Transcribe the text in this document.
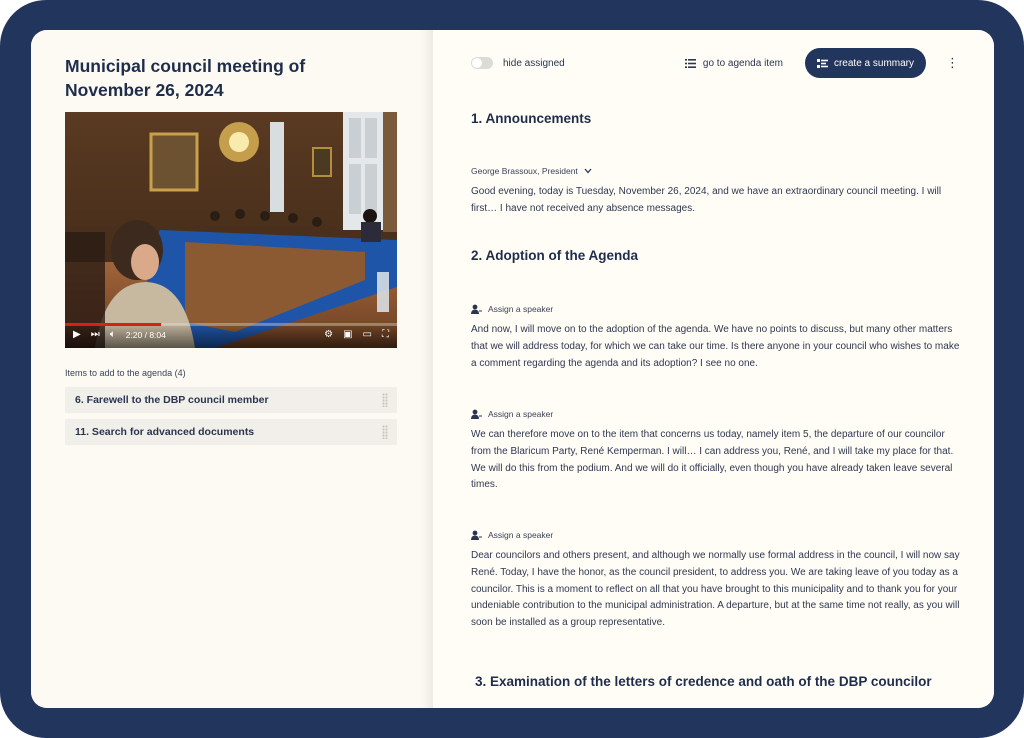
Municipal council meeting of November 26, 2024
▶ ⏭ 🔈︎ 2:20 / 8:04	⚙ ▣ ▭ ⛶
Items to add to the agenda (4)
6. Farewell to the DBP council member
11. Search for advanced documents
hide assigned	go to agenda item	create a summary ⋮
1. Announcements
George Brassoux, President

Good evening, today is Tuesday, November 26, 2024, and we have an extraordinary council meeting. I will first… I have not received any absence messages.

2. Adoption of the Agenda
Assign a speaker

And now, I will move on to the adoption of the agenda. We have no points to discuss, but many other matters that we will address today, for which we can take our time. Is there anyone in your council who wishes to make a comment regarding the agenda and its adoption? I see no one.

Assign a speaker

We can therefore move on to the item that concerns us today, namely item 5, the departure of our councilor from the Blaricum Party, René Kemperman. I will… I can address you, René, and I will take my place for that. We will do this from the podium. And we will do it officially, even though you have already taken leave several times.

Assign a speaker

Dear councilors and others present, and although we normally use formal address in the council, I will now say René. Today, I have the honor, as the council president, to address you. We are taking leave of you today as a councilor. This is a moment to reflect on all that you have brought to this municipality and to thank you for your undeniable contribution to the municipal administration. A departure, but at the same time not really, as you will soon be installed as a group representative.

3. Examination of the letters of credence and oath of the DBP councilor
